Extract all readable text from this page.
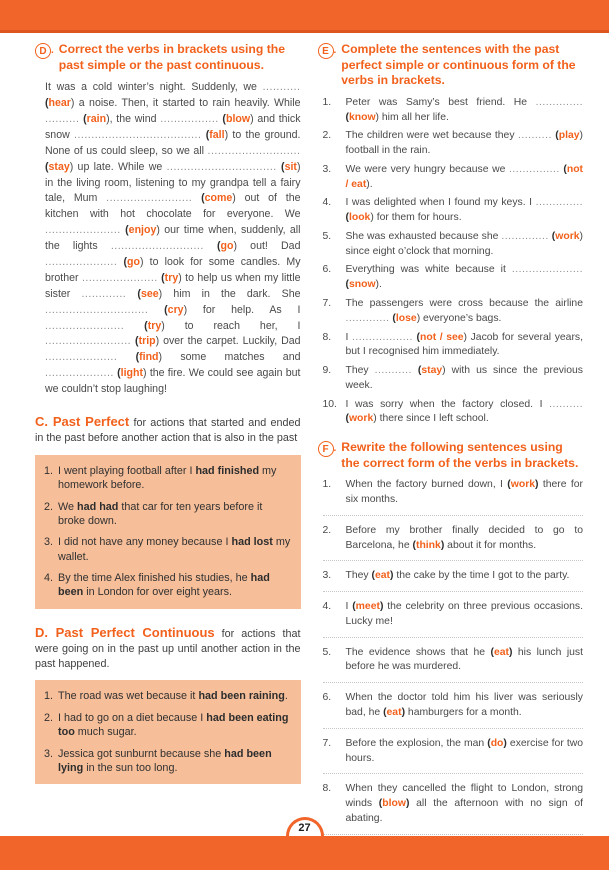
D . Correct the verbs in brackets using the past simple or the past continuous.
It was a cold winter’s night. Suddenly, we ........... (hear) a noise. Then, it started to rain heavily. While .......... (rain), the wind ................. (blow) and thick snow ..................................... (fall) to the ground. None of us could sleep, so we all ........................... (stay) up late. While we ................................ (sit) in the living room, listening to my grandpa tell a fairy tale, Mum ......................... (come) out of the kitchen with hot chocolate for everyone. We ...................... (enjoy) our time when, suddenly, all the lights ........................... (go) out! Dad ..................... (go) to look for some candles. My brother ...................... (try) to help us when my little sister ............. (see) him in the dark. She .............................. (cry) for help. As I ....................... (try) to reach her, I ......................... (trip) over the carpet. Luckily, Dad ..................... (find) some matches and .................... (light) the fire. We could see again but we couldn’t stop laughing!
C. Past Perfect for actions that started and ended in the past before another action that is also in the past
1. I went playing football after I had finished my homework before.
2. We had had that car for ten years before it broke down.
3. I did not have any money because I had lost my wallet.
4. By the time Alex finished his studies, he had been in London for over eight years.
D. Past Perfect Continuous for actions that were going on in the past up until another action in the past happened.
1. The road was wet because it had been raining.
2. I had to go on a diet because I had been eating too much sugar.
3. Jessica got sunburnt because she had been lying in the sun too long.
E . Complete the sentences with the past perfect simple or continuous form of the verbs in brackets.
1.	Peter was Samy’s best friend. He .............. (know) him all her life.
2.	The children were wet because they .......... (play) football in the rain.
3.	We were very hungry because we ............... (not / eat).
4.	I was delighted when I found my keys. I .............. (look) for them for hours.
5.	She was exhausted because she .............. (work) since eight o’clock that morning.
6.	Everything was white because it ..................... (snow).
7.	The passengers were cross because the airline ............. (lose) everyone’s bags.
8.	I .................. (not / see) Jacob for several years, but I recognised him immediately.
9.	They ........... (stay) with us since the previous week.
10. I was sorry when the factory closed. I .......... (work) there since I left school.
F . Rewrite the following sentences using the correct form of the verbs in brackets.
1.	When the factory burned down, I (work) there for six months.
2.	Before my brother finally decided to go to Barcelona, he (think) about it for months.
3.	They (eat) the cake by the time I got to the party.
4.	I (meet) the celebrity on three previous occasions. Lucky me!
5.	The evidence shows that he (eat) his lunch just before he was murdered.
6.	When the doctor told him his liver was seriously bad, he (eat) hamburgers for a month.
7.	Before the explosion, the man (do) exercise for two hours.
8.	When they cancelled the flight to London, strong winds (blow) all the afternoon with no sign of abating.
27
